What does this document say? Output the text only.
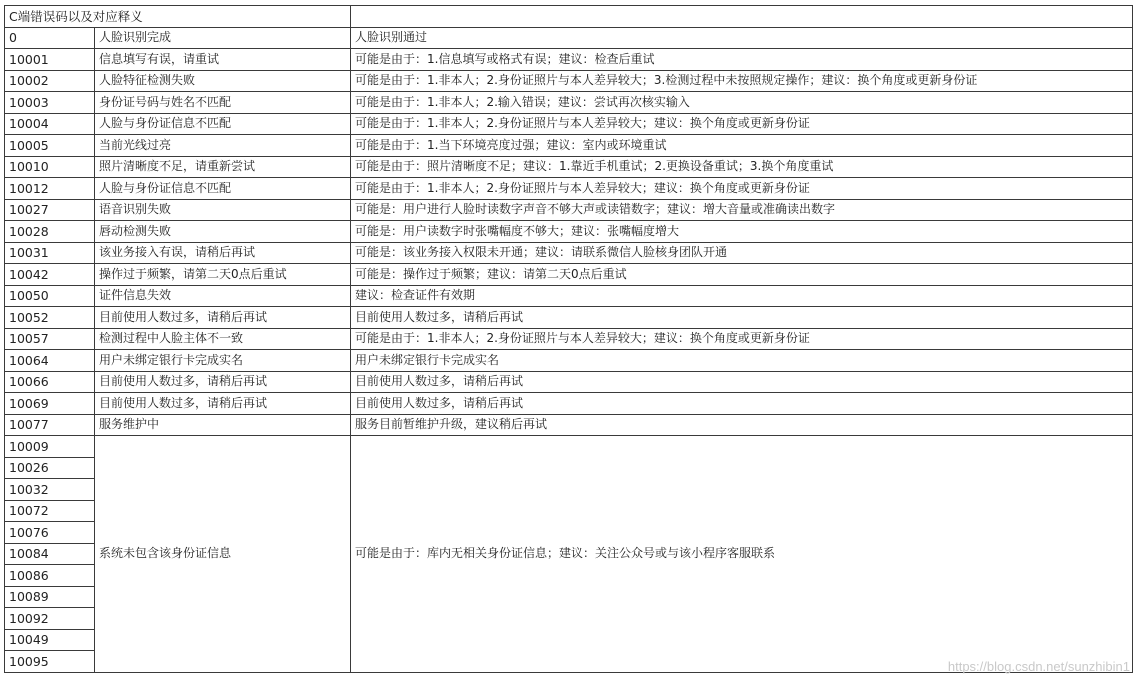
C端错误码以及对应释义		
0	人脸识别完成	人脸识别通过
10001	信息填写有误，请重试	可能是由于：1.信息填写或格式有误；建议：检查后重试
10002	人脸特征检测失败	可能是由于：1.非本人；2.身份证照片与本人差异较大；3.检测过程中未按照规定操作；建议：换个角度或更新身份证
10003	身份证号码与姓名不匹配	可能是由于：1.非本人；2.输入错误；建议：尝试再次核实输入
10004	人脸与身份证信息不匹配	可能是由于：1.非本人；2.身份证照片与本人差异较大；建议：换个角度或更新身份证
10005	当前光线过亮	可能是由于：1.当下环境亮度过强；建议：室内或环境重试
10010	照片清晰度不足，请重新尝试	可能是由于：照片清晰度不足；建议：1.靠近手机重试；2.更换设备重试；3.换个角度重试
10012	人脸与身份证信息不匹配	可能是由于：1.非本人；2.身份证照片与本人差异较大；建议：换个角度或更新身份证
10027	语音识别失败	可能是：用户进行人脸时读数字声音不够大声或读错数字；建议：增大音量或准确读出数字
10028	唇动检测失败	可能是：用户读数字时张嘴幅度不够大；建议：张嘴幅度增大
10031	该业务接入有误，请稍后再试	可能是：该业务接入权限未开通；建议：请联系微信人脸核身团队开通
10042	操作过于频繁，请第二天0点后重试	可能是：操作过于频繁；建议：请第二天0点后重试
10050	证件信息失效	建议：检查证件有效期
10052	目前使用人数过多，请稍后再试	目前使用人数过多，请稍后再试
10057	检测过程中人脸主体不一致	可能是由于：1.非本人；2.身份证照片与本人差异较大；建议：换个角度或更新身份证
10064	用户未绑定银行卡完成实名	用户未绑定银行卡完成实名
10066	目前使用人数过多，请稍后再试	目前使用人数过多，请稍后再试
10069	目前使用人数过多，请稍后再试	目前使用人数过多，请稍后再试
10077	服务维护中	服务目前暂维护升级，建议稍后再试
10009	系统未包含该身份证信息	可能是由于：库内无相关身份证信息；建议：关注公众号或与该小程序客服联系
10026		
10032		
10072		
10076		
10084		
10086		
10089		
10092		
10049		
10095			https://blog.csdn.net/sunzhibin1
